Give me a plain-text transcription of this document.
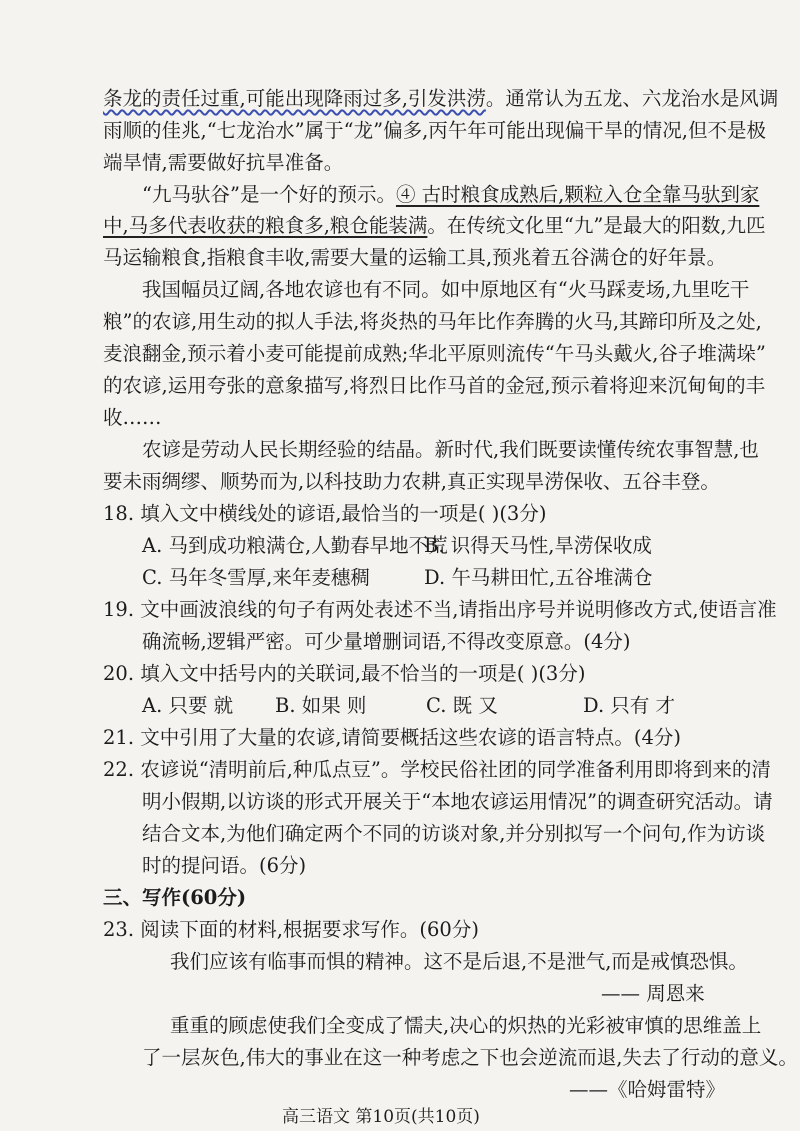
条龙的责任过重,可能出现降雨过多,引发洪涝。通常认为五龙、六龙治水是风调
雨顺的佳兆,“七龙治水”属于“龙”偏多,丙午年可能出现偏干旱的情况,但不是极
端旱情,需要做好抗旱准备。
“九马驮谷”是一个好的预示。④ 古时粮食成熟后,颗粒入仓全靠马驮到家
中,马多代表收获的粮食多,粮仓能装满。在传统文化里“九”是最大的阳数,九匹
马运输粮食,指粮食丰收,需要大量的运输工具,预兆着五谷满仓的好年景。
我国幅员辽阔,各地农谚也有不同。如中原地区有“火马踩麦场,九里吃干
粮”的农谚,用生动的拟人手法,将炎热的马年比作奔腾的火马,其蹄印所及之处,
麦浪翻金,预示着小麦可能提前成熟;华北平原则流传“午马头戴火,谷子堆满垛”
的农谚,运用夸张的意象描写,将烈日比作马首的金冠,预示着将迎来沉甸甸的丰
收……
农谚是劳动人民长期经验的结晶。新时代,我们既要读懂传统农事智慧,也
要未雨绸缪、顺势而为,以科技助力农耕,真正实现旱涝保收、五谷丰登。
18. 填入文中横线处的谚语,最恰当的一项是( )(3分)
A. 马到成功粮满仓,人勤春早地不荒
B. 识得天马性,旱涝保收成
C. 马年冬雪厚,来年麦穗稠	D. 午马耕田忙,五谷堆满仓
19. 文中画波浪线的句子有两处表述不当,请指出序号并说明修改方式,使语言准
确流畅,逻辑严密。可少量增删词语,不得改变原意。(4分)
20. 填入文中括号内的关联词,最不恰当的一项是( )(3分)
A. 只要 就 B. 如果 则	C. 既 又	D. 只有 才
21. 文中引用了大量的农谚,请简要概括这些农谚的语言特点。(4分)
22. 农谚说“清明前后,种瓜点豆”。学校民俗社团的同学准备利用即将到来的清
明小假期,以访谈的形式开展关于“本地农谚运用情况”的调查研究活动。请
结合文本,为他们确定两个不同的访谈对象,并分别拟写一个问句,作为访谈
时的提问语。(6分)
三、写作(60分)
23. 阅读下面的材料,根据要求写作。(60分)
我们应该有临事而惧的精神。这不是后退,不是泄气,而是戒慎恐惧。
—— 周恩来
重重的顾虑使我们全变成了懦夫,决心的炽热的光彩被审慎的思维盖上
了一层灰色,伟大的事业在这一种考虑之下也会逆流而退,失去了行动的意义。
——《哈姆雷特》
高三语文 第10页(共10页)
